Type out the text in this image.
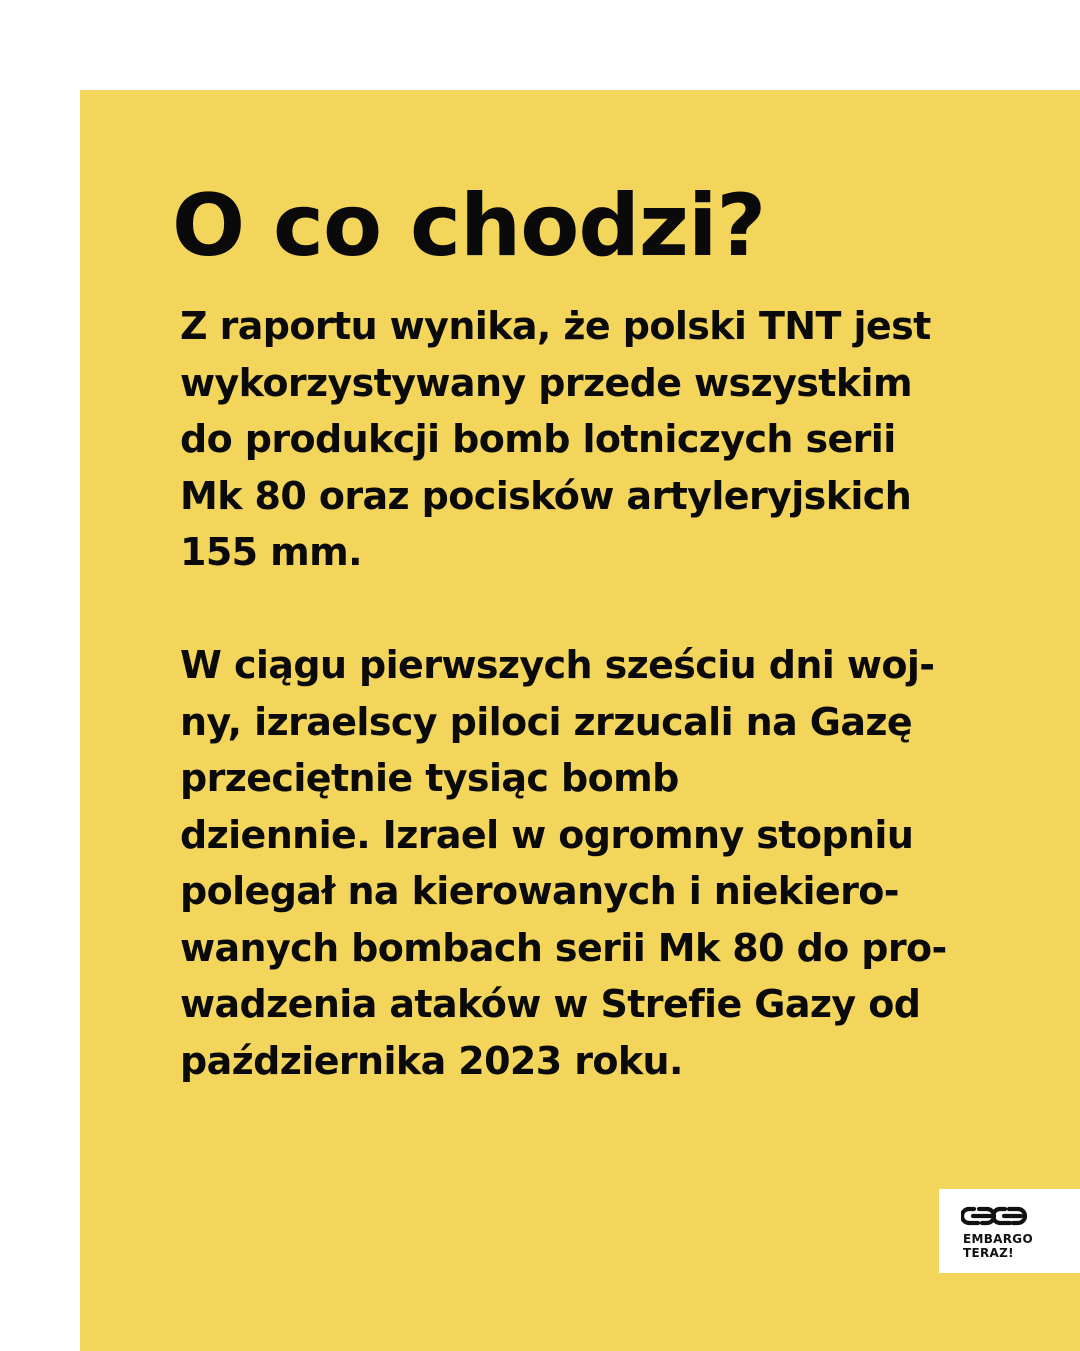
O co chodzi?

Z raportu wynika, że polski TNT jest
wykorzystywany przede wszystkim
do produkcji bomb lotniczych serii
Mk 80 oraz pocisków artyleryjskich
155 mm.

W ciągu pierwszych sześciu dni woj-
ny, izraelscy piloci zrzucali na Gazę
przeciętnie tysiąc bomb
dziennie. Izrael w ogromny stopniu
polegał na kierowanych i niekiero-
wanych bombach serii Mk 80 do pro-
wadzenia ataków w Strefie Gazy od
października 2023 roku.

EMBARGO
TERAZ!
